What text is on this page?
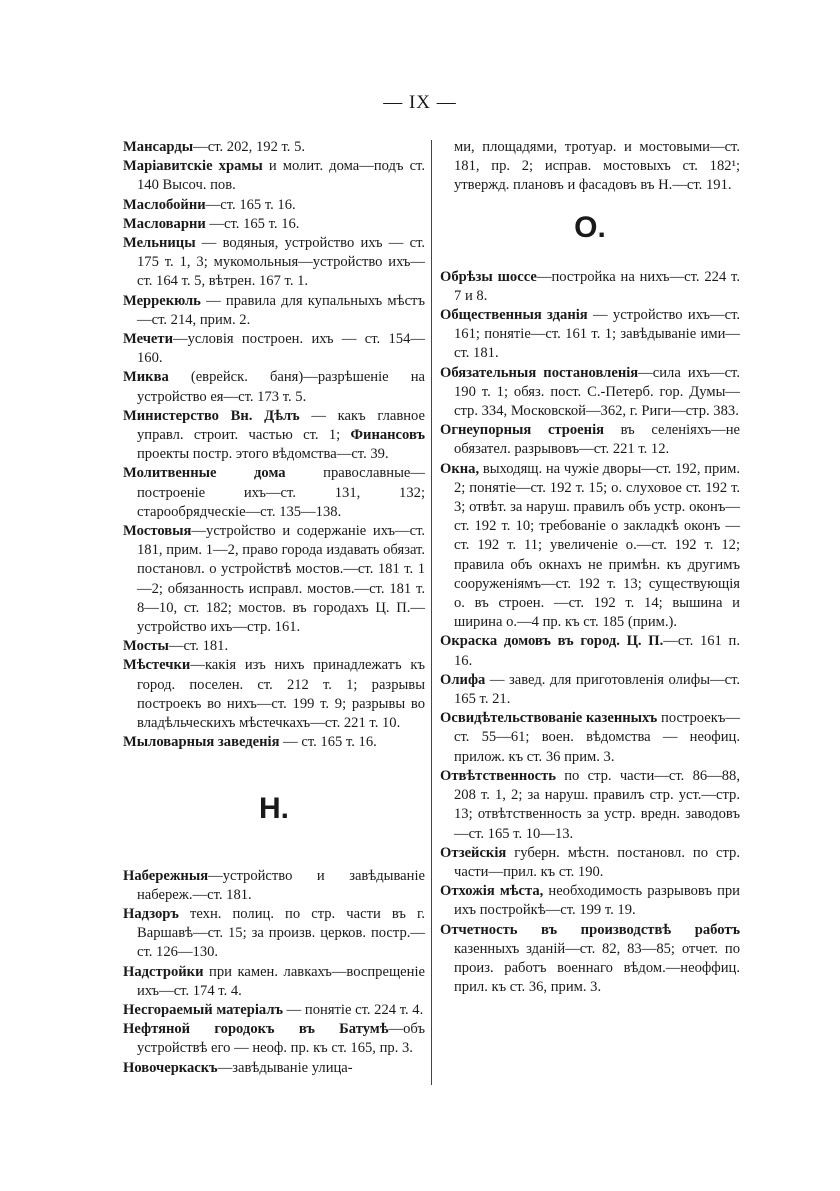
— IX —

Мансарды—ст. 202, 192 т. 5.

Маріавитскіе храмы и молит. дома—подъ ст. 140 Высоч. пов.

Маслобойни—ст. 165 т. 16.

Масловарни —ст. 165 т. 16.

Мельницы — водяныя, устройство ихъ — ст. 175 т. 1, 3; мукомольныя—устройство ихъ— ст. 164 т. 5, вѣтрен. 167 т. 1.

Меррекюль — правила для купальныхъ мѣстъ—ст. 214, прим. 2.

Мечети—условія построен. ихъ — ст. 154—160.

Миква (еврейск. баня)—разрѣшеніе на устройство ея—ст. 173 т. 5.

Министерство Вн. Дѣлъ — какъ главное управл. строит. частью ст. 1; Финансовъ проекты постр. этого вѣдомства—ст. 39.

Молитвенные дома православные—построеніе ихъ—ст. 131, 132; старообрядческіе—ст. 135—138.

Мостовыя—устройство и содержаніе ихъ—ст. 181, прим. 1—2, право города издавать обязат. постановл. о устройствѣ мостов.—ст. 181 т. 1—2; обязанность исправл. мостов.—ст. 181 т. 8—10, ст. 182; мостов. въ городахъ Ц. П.—устройство ихъ—стр. 161.

Мосты—ст. 181.

Мѣстечки—какія изъ нихъ принадлежатъ къ город. поселен. ст. 212 т. 1; разрывы построекъ во нихъ—ст. 199 т. 9; разрывы во владѣльческихъ мѣстечкахъ—ст. 221 т. 10.

Мыловарныя заведенія — ст. 165 т. 16.

Н.

Набережныя—устройство и завѣдываніе набереж.—ст. 181.

Надзоръ техн. полиц. по стр. части въ г. Варшавѣ—ст. 15; за произв. церков. постр.—ст. 126—130.

Надстройки при камен. лавкахъ—воспрещеніе ихъ—ст. 174 т. 4.

Несгораемый матеріалъ — понятіе ст. 224 т. 4.

Нефтяной городокъ въ Батумѣ—объ устройствѣ его — неоф. пр. къ ст. 165, пр. 3.

Новочеркаскъ—завѣдываніе улица-

ми, площадями, тротуар. и мостовыми—ст. 181, пр. 2; исправ. мостовыхъ ст. 182¹; утвержд. плановъ и фасадовъ въ Н.—ст. 191.

О.

Обрѣзы шоссе—постройка на нихъ—ст. 224 т. 7 и 8.

Общественныя зданія — устройство ихъ—ст. 161; понятіе—ст. 161 т. 1; завѣдываніе ими—ст. 181.

Обязательныя постановленія—сила ихъ—ст. 190 т. 1; обяз. пост. С.-Петерб. гор. Думы—стр. 334, Московской—362, г. Риги—стр. 383.

Огнеупорныя строенія въ селеніяхъ—не обязател. разрывовъ—ст. 221 т. 12.

Окна, выходящ. на чужіе дворы—ст. 192, прим. 2; понятіе—ст. 192 т. 15; о. слуховое ст. 192 т. 3; отвѣт. за наруш. правилъ объ устр. оконъ—ст. 192 т. 10; требованіе о закладкѣ оконъ — ст. 192 т. 11; увеличеніе о.—ст. 192 т. 12; правила объ окнахъ не примѣн. къ другимъ сооруженіямъ—ст. 192 т. 13; существующія о. въ строен. —ст. 192 т. 14; вышина и ширина о.—4 пр. къ ст. 185 (прим.).

Окраска домовъ въ город. Ц. П.—ст. 161 п. 16.

Олифа — завед. для приготовленія олифы—ст. 165 т. 21.

Освидѣтельствованіе казенныхъ построекъ—ст. 55—61; воен. вѣдомства — неофиц. прилож. къ ст. 36 прим. 3.

Отвѣтственность по стр. части—ст. 86—88, 208 т. 1, 2; за наруш. правилъ стр. уст.—стр. 13; отвѣтственность за устр. вредн. заводовъ—ст. 165 т. 10—13.

Отзейскія губерн. мѣстн. постановл. по стр. части—прил. къ ст. 190.

Отхожія мѣста, необходимость разрывовъ при ихъ постройкѣ—ст. 199 т. 19.

Отчетность въ производствѣ работъ казенныхъ зданій—ст. 82, 83—85; отчет. по произ. работъ военнаго вѣдом.—неоффиц. прил. къ ст. 36, прим. 3.
